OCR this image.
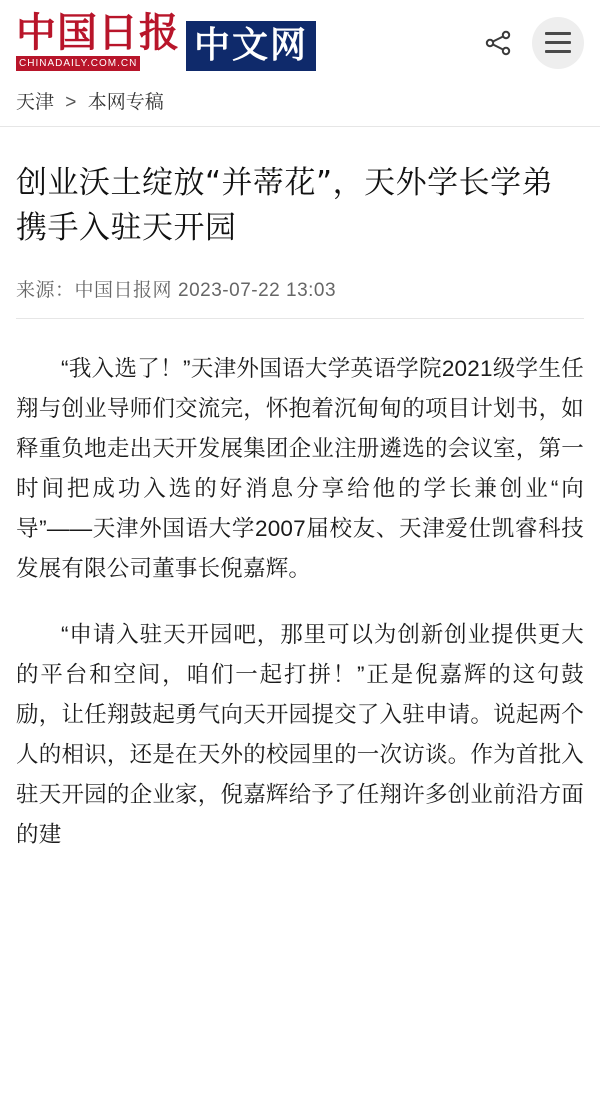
中国日报
CHINADAILY.COM.CN 中文网
天津 > 本网专稿
创业沃土绽放“并蒂花”，天外学长学弟携手入驻天开园
来源：中国日报网 2023-07-22 13:03

“我入选了！”天津外国语大学英语学院2021级学生任翔与创业导师们交流完，怀抱着沉甸甸的项目计划书，如释重负地走出天开发展集团企业注册遴选的会议室，第一时间把成功入选的好消息分享给他的学长兼创业“向导”——天津外国语大学2007届校友、天津爱仕凯睿科技发展有限公司董事长倪嘉辉。

“申请入驻天开园吧，那里可以为创新创业提供更大的平台和空间，咱们一起打拼！”正是倪嘉辉的这句鼓励，让任翔鼓起勇气向天开园提交了入驻申请。说起两个人的相识，还是在天外的校园里的一次访谈。作为首批入驻天开园的企业家，倪嘉辉给予了任翔许多创业前沿方面的建
